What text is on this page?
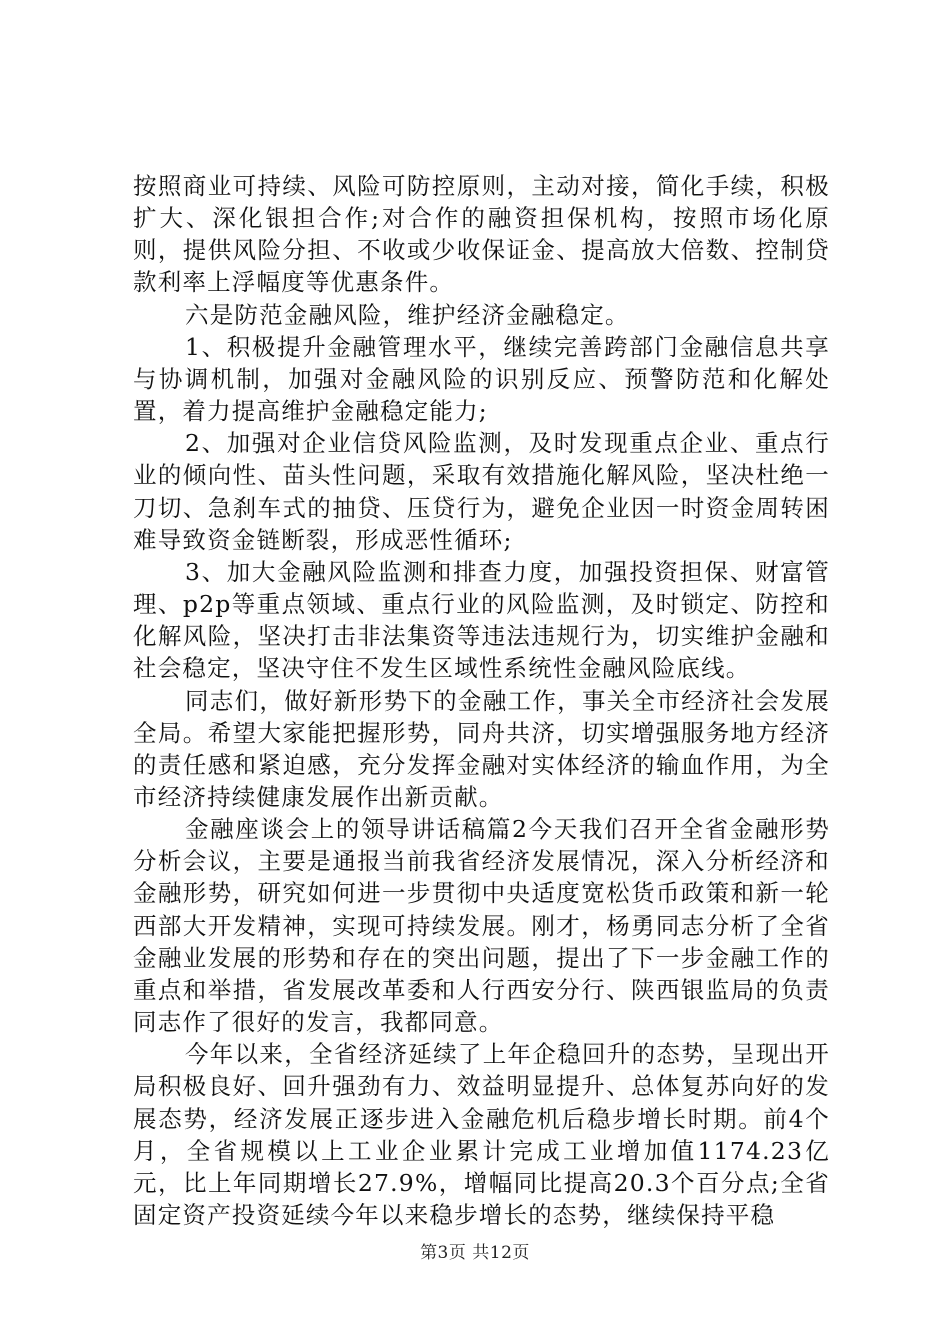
按照商业可持续、风险可防控原则，主动对接，简化手续，积极扩大、深化银担合作;对合作的融资担保机构，按照市场化原则，提供风险分担、不收或少收保证金、提高放大倍数、控制贷款利率上浮幅度等优惠条件。

六是防范金融风险，维护经济金融稳定。

1、积极提升金融管理水平，继续完善跨部门金融信息共享与协调机制，加强对金融风险的识别反应、预警防范和化解处置，着力提高维护金融稳定能力;

2、加强对企业信贷风险监测，及时发现重点企业、重点行业的倾向性、苗头性问题，采取有效措施化解风险，坚决杜绝一刀切、急刹车式的抽贷、压贷行为，避免企业因一时资金周转困难导致资金链断裂，形成恶性循环;

3、加大金融风险监测和排查力度，加强投资担保、财富管理、p2p等重点领域、重点行业的风险监测，及时锁定、防控和化解风险，坚决打击非法集资等违法违规行为，切实维护金融和社会稳定，坚决守住不发生区域性系统性金融风险底线。

同志们，做好新形势下的金融工作，事关全市经济社会发展全局。希望大家能把握形势，同舟共济，切实增强服务地方经济的责任感和紧迫感，充分发挥金融对实体经济的输血作用，为全市经济持续健康发展作出新贡献。

金融座谈会上的领导讲话稿篇2今天我们召开全省金融形势分析会议，主要是通报当前我省经济发展情况，深入分析经济和金融形势，研究如何进一步贯彻中央适度宽松货币政策和新一轮西部大开发精神，实现可持续发展。刚才，杨勇同志分析了全省金融业发展的形势和存在的突出问题，提出了下一步金融工作的重点和举措，省发展改革委和人行西安分行、陕西银监局的负责同志作了很好的发言，我都同意。

今年以来，全省经济延续了上年企稳回升的态势，呈现出开局积极良好、回升强劲有力、效益明显提升、总体复苏向好的发展态势，经济发展正逐步进入金融危机后稳步增长时期。前4个月，全省规模以上工业企业累计完成工业增加值1174.23亿元，比上年同期增长27.9%，增幅同比提高20.3个百分点;全省固定资产投资延续今年以来稳步增长的态势，继续保持平稳

第3页 共12页
